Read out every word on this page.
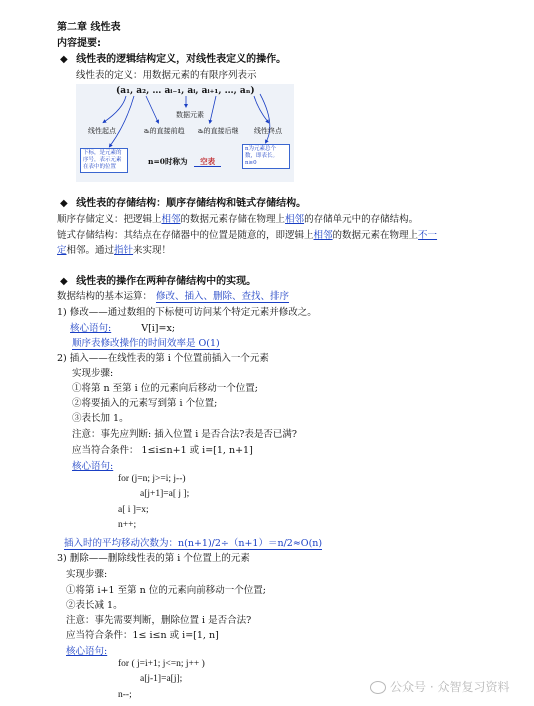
第二章 线性表
内容提要:
◆ 线性表的逻辑结构定义，对线性表定义的操作。
线性表的定义：用数据元素的有限序列表示
(a₁, a₂, … aᵢ₋₁, aᵢ, aᵢ₊₁, …, aₙ)
数据元素
线性起点	aᵢ的直接前趋 aᵢ的直接后继 线性终点
下标，是元素的序号，表示元素在表中的位置
n=0时称为 空表
n为元素总个数，即表长。n≥0
◆ 线性表的存储结构：顺序存储结构和链式存储结构。
顺序存储定义：把逻辑上相邻的数据元素存储在物理上相邻的存储单元中的存储结构。
链式存储结构：其结点在存储器中的位置是随意的，即逻辑上相邻的数据元素在物理上不一
定相邻。通过指针来实现！
◆ 线性表的操作在两种存储结构中的实现。
数据结构的基本运算： 修改、插入、删除、查找、排序
1) 修改——通过数组的下标便可访问某个特定元素并修改之。
核心语句:	V[i]=x;
顺序表修改操作的时间效率是 O(1)
2) 插入——在线性表的第 i 个位置前插入一个元素
实现步骤:
①将第 n 至第 i 位的元素向后移动一个位置;
②将要插入的元素写到第 i 个位置;
③表长加 1。
注意：事先应判断: 插入位置 i 是否合法?表是否已满?
应当符合条件： 1≤i≤n+1 或 i=[1, n+1]
核心语句:
for (j=n; j>=i; j--)
a[j+1]=a[ j ];
a[ i ]=x;
n++;
插入时的平均移动次数为：n(n+1)/2÷（n+1）＝n/2≈O(n)
3) 删除——删除线性表的第 i 个位置上的元素
实现步骤:
①将第 i+1 至第 n 位的元素向前移动一个位置;
②表长减 1。
注意：事先需要判断，删除位置 i 是否合法?
应当符合条件：1≤ i≤n 或 i=[1, n]
核心语句:
for ( j=i+1; j<=n; j++ )
a[j-1]=a[j];
n--;
公众号 · 众智复习资料
